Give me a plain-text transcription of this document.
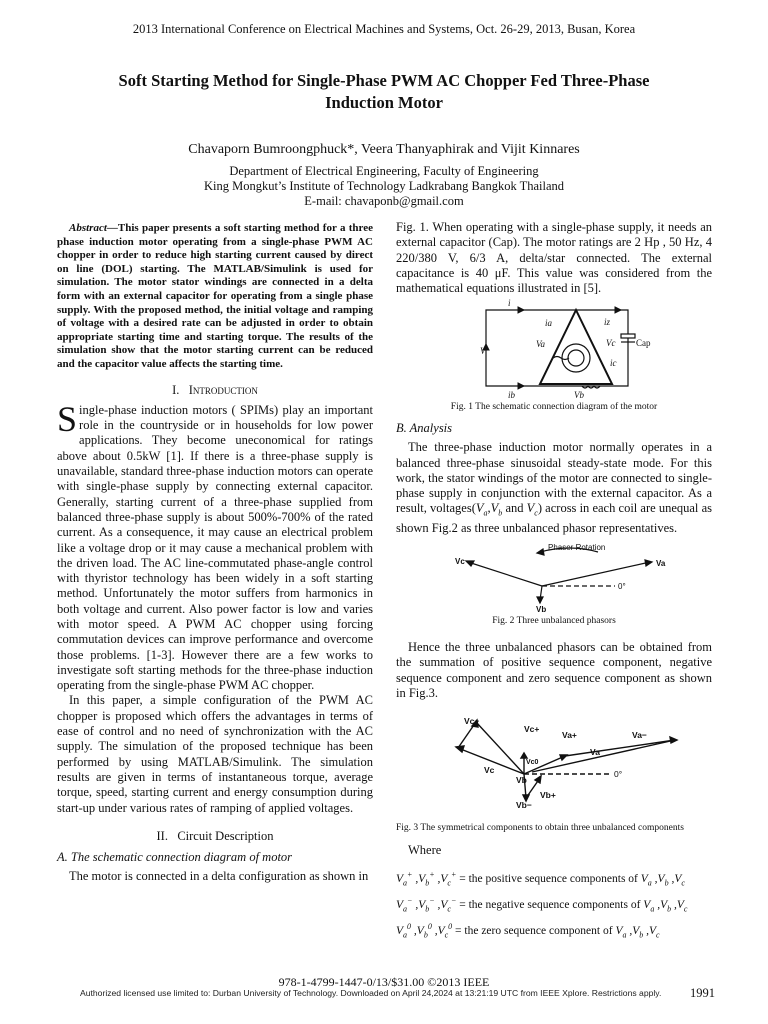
2013 International Conference on Electrical Machines and Systems, Oct. 26-29, 2013, Busan, Korea
Soft Starting Method for Single-Phase PWM AC Chopper Fed Three-Phase
Induction Motor
Chavaporn Bumroongphuck*, Veera Thanyaphirak and Vijit Kinnares
Department of Electrical Engineering, Faculty of Engineering
King Mongkut’s Institute of Technology Ladkrabang Bangkok Thailand
E-mail: chavaponb@gmail.com

Abstract—This paper presents a soft starting method for a three phase induction motor operating from a single-phase PWM AC chopper in order to reduce high starting current caused by direct on line (DOL) starting. The MATLAB/Simulink is used for simulation. The motor stator windings are connected in a delta form with an external capacitor for operating from a single phase supply. With the proposed method, the initial voltage and ramping of voltage with a desired rate can be adjusted in order to obtain appropriate starting time and starting torque. The results of the simulation show that the motor starting current can be reduced and the capacitor value affects the starting time.

I. Introduction

Single-phase induction motors ( SPIMs) play an important role in the countryside or in households for low power applications. They become uneconomical for ratings above about 0.5kW [1]. If there is a three-phase supply is unavailable, standard three-phase induction motors can operate with single-phase supply by connecting external capacitor. Generally, starting current of a three-phase supplied from balanced three-phase supply is about 500%-700% of the rated current. As a consequence, it may cause an electrical problem like a voltage drop or it may cause a mechanical problem with the driven load. The AC line-commutated phase-angle control with thyristor technology has been widely in a soft starting method. Unfortunately the motor suffers from harmonics in both voltage and current. Also power factor is low and varies with motor speed. A PWM AC chopper using forcing commutation devices can improve performance and overcome those problems. [1-3]. However there are a few works to investigate soft starting methods for the three-phase induction operating from the single-phase PWM AC chopper.

In this paper, a simple configuration of the PWM AC chopper is proposed which offers the advantages in terms of ease of control and no need of synchronization with the AC supply. The simulation of the proposed technique has been performed by using MATLAB/Simulink. The simulation results are given in terms of instantaneous torque, average torque, speed, starting current and energy consumption during start-up under various rates of ramping of applied voltages.

II. Circuit Description
A. The schematic connection diagram of motor

The motor is connected in a delta configuration as shown in

Fig. 1. When operating with a single-phase supply, it needs an external capacitor (Cap). The motor ratings are 2 Hp , 50 Hz, 4 220/380 V, 6/3 A, delta/star connected. The external capacitance is 40 μF. This value was considered from the mathematical equations illustrated in [5].

i
ia	iz
ic
ib
V
Va
Vb
Vc Cap
Fig. 1 The schematic connection diagram of the motor
B. Analysis

The three-phase induction motor normally operates in a balanced three-phase sinusoidal steady-state mode. For this work, the stator windings of the motor are connected to single-phase supply in conjunction with the external capacitor. As a result, $voltages(V_a,V_b$ and $V_c$) across in each coil are unequal as shown Fig.2 as three unbalanced phasor representatives.

Phaser Rotation
Vc	Va
Vb
0°
Fig. 2 Three unbalanced phasors

Hence the three unbalanced phasors can be obtained from the summation of positive sequence component, negative sequence component and zero sequence component as shown in Fig.3.

Vc−
Vc+
Va+	Va−
Va
Vc
Vb
Vb−
Vb+
Vc0
0°
Fig. 3 The symmetrical components to obtain three unbalanced components
Where
$V_a^+$ $,V_b^+$ $,V_c^+$ = the positive sequence components of $V_a$ $,V_b$ $,V_c$
$V_a^-$ $,V_b^-$ $,V_c^-$ = the negative sequence components of $V_a$ $,V_b$ $,V_c$
$V_a^0$ $,V_b^0$ $,V_c^0$ = the zero sequence component of $V_a$ $,V_b$ $,V_c$
978-1-4799-1447-0/13/$31.00 ©2013 IEEE
Authorized licensed use limited to: Durban University of Technology. Downloaded on April 24,2024 at 13:21:19 UTC from IEEE Xplore. Restrictions apply. 1991
